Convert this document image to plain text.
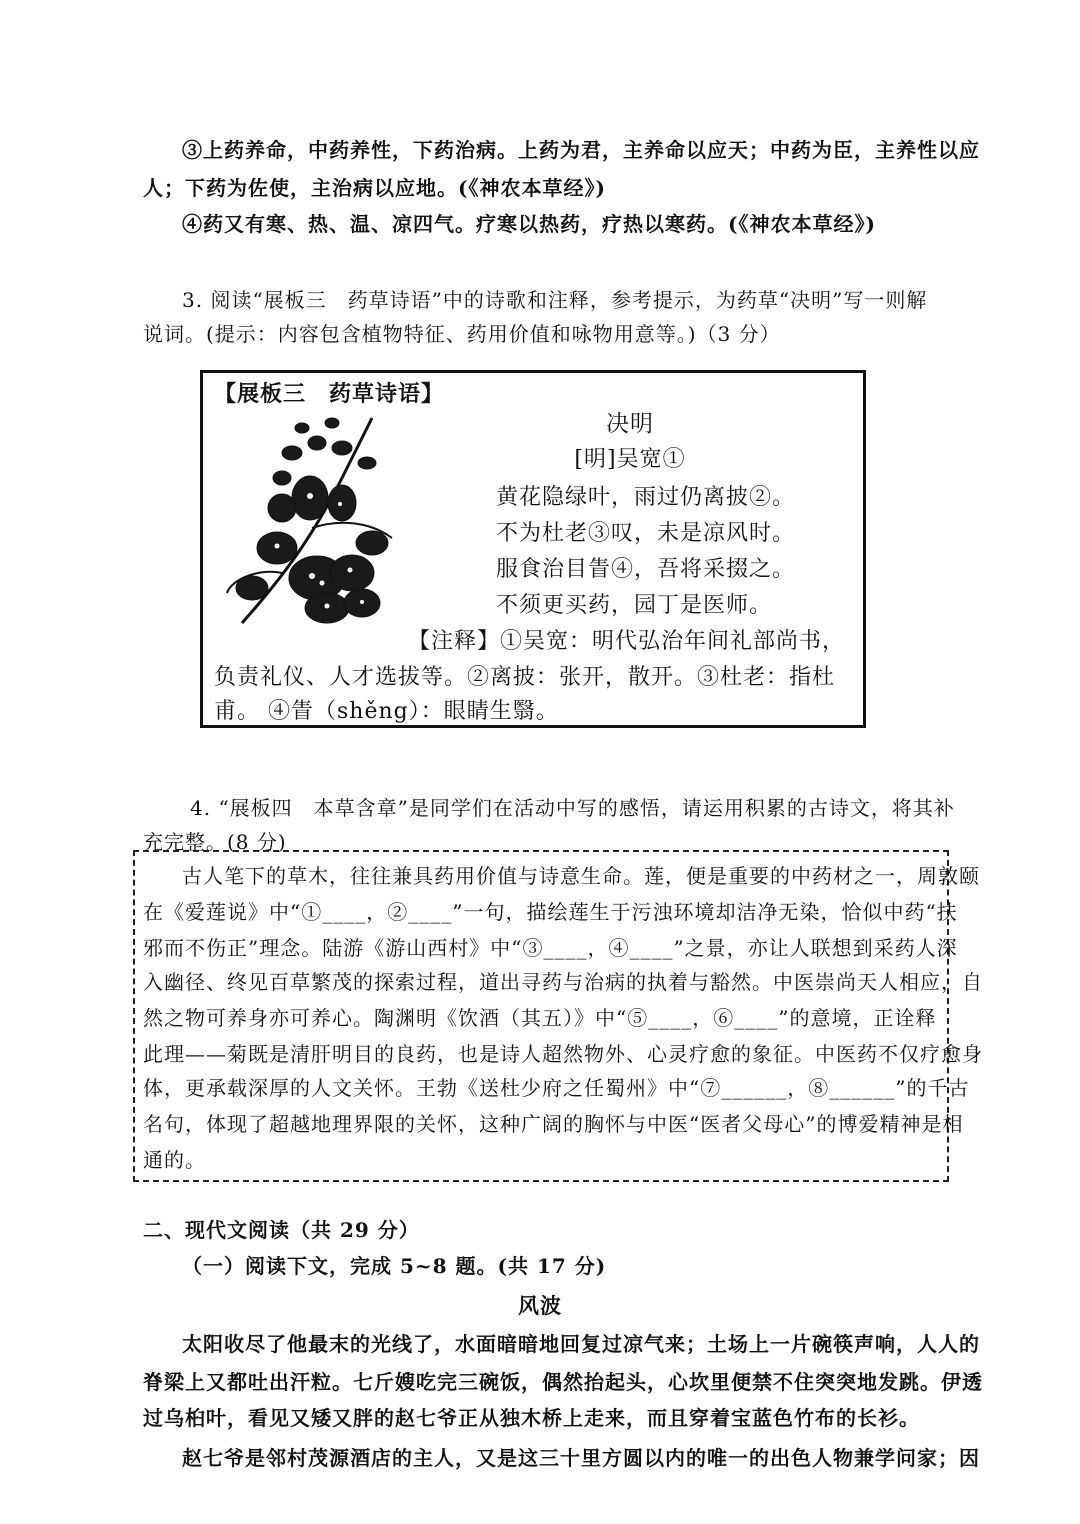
③上药养命，中药养性，下药治病。上药为君，主养命以应天；中药为臣，主养性以应
人；下药为佐使，主治病以应地。(《神农本草经》)
④药又有寒、热、温、凉四气。疗寒以热药，疗热以寒药。(《神农本草经》)
3. 阅读“展板三　药草诗语”中的诗歌和注释，参考提示，为药草“决明”写一则解
说词。(提示：内容包含植物特征、药用价值和咏物用意等。)（3 分）
【展板三　药草诗语】
决明
[明]吴宽①
黄花隐绿叶，雨过仍离披②。
不为杜老③叹，未是凉风时。
服食治目眚④，吾将采掇之。
不须更买药，园丁是医师。
【注释】①吴宽：明代弘治年间礼部尚书，
负责礼仪、人才选拔等。②离披：张开，散开。③杜老：指杜
甫。 ④眚（shěng）：眼睛生翳。
4. “展板四　本草含章”是同学们在活动中写的感悟，请运用积累的古诗文，将其补
充完整。(8 分)
古人笔下的草木，往往兼具药用价值与诗意生命。莲，便是重要的中药材之一，周敦颐
在《爱莲说》中“①____，②____”一句，描绘莲生于污浊环境却洁净无染，恰似中药“扶
邪而不伤正”理念。陆游《游山西村》中“③____，④____”之景，亦让人联想到采药人深
入幽径、终见百草繁茂的探索过程，道出寻药与治病的执着与豁然。中医崇尚天人相应，自
然之物可养身亦可养心。陶渊明《饮酒（其五）》中“⑤____，⑥____”的意境，正诠释
此理——菊既是清肝明目的良药，也是诗人超然物外、心灵疗愈的象征。中医药不仅疗愈身
体，更承载深厚的人文关怀。王勃《送杜少府之任蜀州》中“⑦______，⑧______”的千古
名句，体现了超越地理界限的关怀，这种广阔的胸怀与中医“医者父母心”的博爱精神是相
通的。
二、现代文阅读（共 29 分）
（一）阅读下文，完成 5~8 题。(共 17 分)
风波
太阳收尽了他最末的光线了，水面暗暗地回复过凉气来；土场上一片碗筷声响，人人的
脊梁上又都吐出汗粒。七斤嫂吃完三碗饭，偶然抬起头，心坎里便禁不住突突地发跳。伊透
过乌桕叶，看见又矮又胖的赵七爷正从独木桥上走来，而且穿着宝蓝色竹布的长衫。
赵七爷是邻村茂源酒店的主人，又是这三十里方圆以内的唯一的出色人物兼学问家；因
